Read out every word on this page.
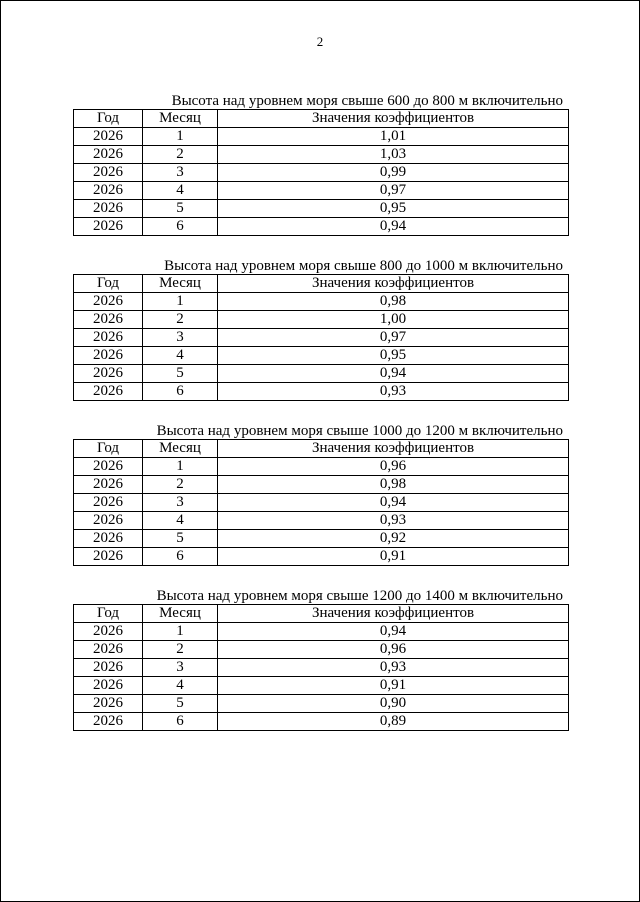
2
Высота над уровнем моря свыше 600 до 800 м включительно
Год	Месяц	Значения коэффициентов
2026	1	1,01
2026	2	1,03
2026	3	0,99
2026	4	0,97
2026	5	0,95
2026	6	0,94
Высота над уровнем моря свыше 800 до 1000 м включительно
Год	Месяц	Значения коэффициентов
2026	1	0,98
2026	2	1,00
2026	3	0,97
2026	4	0,95
2026	5	0,94
2026	6	0,93
Высота над уровнем моря свыше 1000 до 1200 м включительно
Год	Месяц	Значения коэффициентов
2026	1	0,96
2026	2	0,98
2026	3	0,94
2026	4	0,93
2026	5	0,92
2026	6	0,91
Высота над уровнем моря свыше 1200 до 1400 м включительно
Год	Месяц	Значения коэффициентов
2026	1	0,94
2026	2	0,96
2026	3	0,93
2026	4	0,91
2026	5	0,90
2026	6	0,89
